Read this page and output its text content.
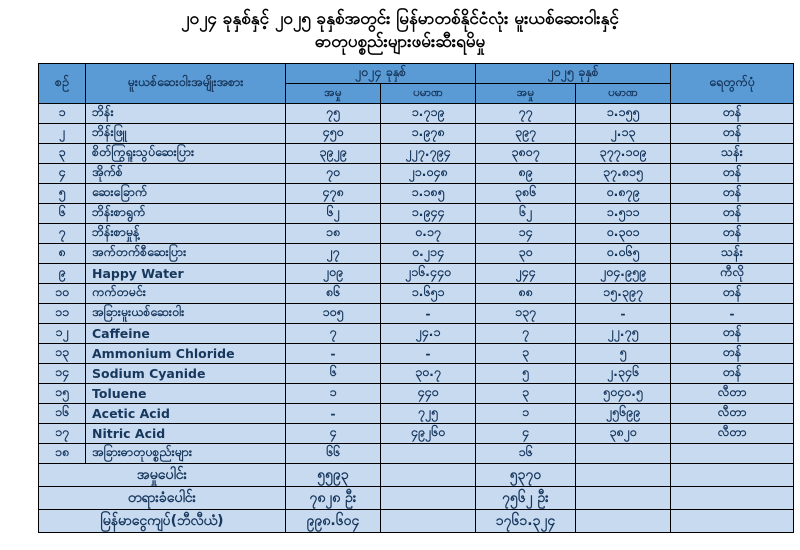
၂၀၂၄ ခုနှစ်နှင့် ၂၀၂၅ ခုနှစ်အတွင်း မြန်မာတစ်နိုင်ငံလုံး မူးယစ်ဆေးဝါးနှင့်
ဓာတုပစ္စည်းများဖမ်းဆီးရမိမှု
စဉ်	မူးယစ်ဆေးဝါးအမျိုးအစား	၂၀၂၄ ခုနှစ်		၂၀၂၅ ခုနှစ်		ရေတွက်ပုံ
		အမှု	ပမာဏ	အမှု	ပမာဏ	
၁	ဘိန်း	၇၅	၁.၇၁၉	၇၇	၁.၁၅၅	တန်
၂	ဘိန်းဖြူ	၄၅၀	၁.၉၇၈	၃၉၇	၂.၁၃	တန်
၃	စိတ်ကြွရူးသွပ်ဆေးပြား	၃၉၂၉	၂၂၇.၇၉၄	၃၈၀၇	၃၇၇.၁၀၉	သန်း
၄	အိုက်စ်	၇၀	၂၁.၀၄၈	၈၉	၃၇.၈၁၅	တန်
၅	ဆေးခြောက်	၄၇၈	၁.၁၈၅	၃၈၆	၀.၈၇၉	တန်
၆	ဘိန်းစာရွက်	၆၂	၁.၉၄၄	၆၂	၁.၅၁၁	တန်
၇	ဘိန်းစာမှုန့်	၁၈	၀.၁၇	၁၄	၀.၃၀၁	တန်
၈	အက်တက်စီဆေးပြား	၂၇	၀.၂၁၄	၃၀	၀.၀၆၅	သန်း
၉	Happy Water	၂၀၉	၂၁၆.၄၄၀	၂၄၄	၂၀၄.၉၅၉	ကီလို
၁၀	ကက်တမင်း	၈၆	၁.၆၅၁	၈၈	၁၅.၃၉၇	တန်
၁၁	အခြားမူးယစ်ဆေးဝါး	၁၀၅	-	၁၃၇	-	-
၁၂	Caffeine	၇	၂၄.၁	၇	၂၂.၇၅	တန်
၁၃	Ammonium Chloride	-	-	၃	၅	တန်
၁၄	Sodium Cyanide	၆	၃၀.၇	၅	၂.၃၄၆	တန်
၁၅	Toluene	၁	၄၄၀	၃	၅၀၄၀.၅	လီတာ
၁၆	Acetic Acid	-	၇၂၅	၁	၂၅၆၉၉	လီတာ
၁၇	Nitric Acid	၄	၄၉၂၆၀	၄	၃၈၂၀	လီတာ
၁၈	အခြားဓာတုပစ္စည်းများ	၆၆		၁၆		
အမှုပေါင်း		၅၅၉၃		၅၃၇၀		
တရားခံပေါင်း		၇၈၂၈ ဦး		၇၅၆၂ ဦး		
မြန်မာငွေကျပ်(ဘီလီယံ)		၉၉၈.၆၀၄		၁၇၆၁.၃၂၄		
